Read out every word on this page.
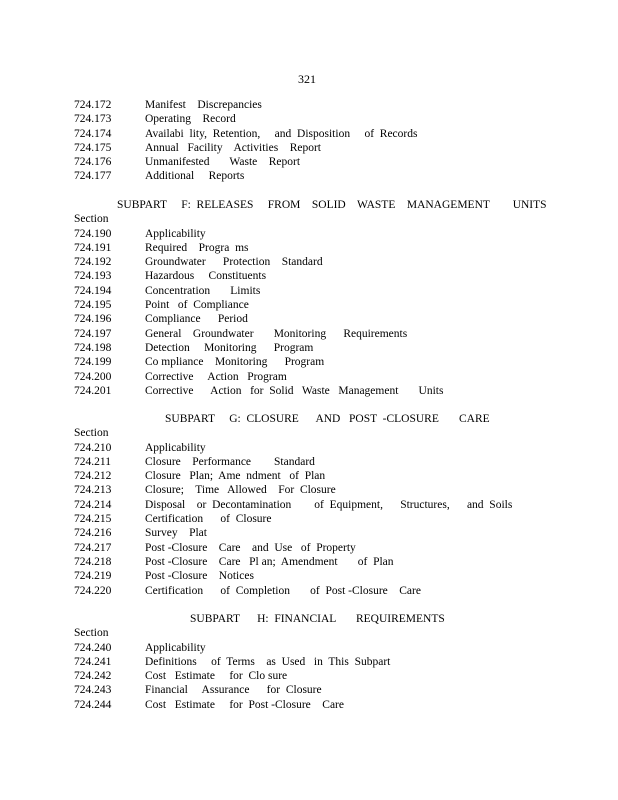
321
724.172	Manifest    Discrepancies
724.173	Operating    Record
724.174	Availabi  lity,  Retention,     and  Disposition     of  Records
724.175	Annual   Facility    Activities    Report
724.176	Unmanifested       Waste    Report
724.177	Additional     Reports
SUBPART     F:  RELEASES     FROM    SOLID    WASTE    MANAGEMENT        UNITS
Section
724.190	Applicability
724.191	Required    Progra  ms
724.192	Groundwater      Protection    Standard
724.193	Hazardous     Constituents
724.194	Concentration       Limits
724.195	Point   of  Compliance
724.196	Compliance      Period
724.197	General    Groundwater       Monitoring      Requirements
724.198	Detection     Monitoring      Program
724.199	Co mpliance    Monitoring      Program
724.200	Corrective     Action   Program
724.201	Corrective      Action   for  Solid   Waste   Management       Units
SUBPART     G:  CLOSURE      AND   POST  -CLOSURE       CARE
Section
724.210	Applicability
724.211	Closure    Performance        Standard
724.212	Closure   Plan;  Ame  ndment   of  Plan
724.213	Closure;    Time   Allowed    For  Closure
724.214	Disposal    or  Decontamination        of  Equipment,      Structures,      and  Soils
724.215	Certification      of  Closure
724.216	Survey    Plat
724.217	Post -Closure    Care    and  Use   of  Property
724.218	Post -Closure    Care   Pl an;  Amendment       of  Plan
724.219	Post -Closure    Notices
724.220	Certification      of  Completion       of  Post -Closure    Care
SUBPART      H:  FINANCIAL       REQUIREMENTS
Section
724.240	Applicability
724.241	Definitions     of  Terms    as  Used   in  This  Subpart
724.242	Cost   Estimate     for  Clo sure
724.243	Financial     Assurance      for  Closure
724.244	Cost   Estimate     for  Post -Closure    Care
